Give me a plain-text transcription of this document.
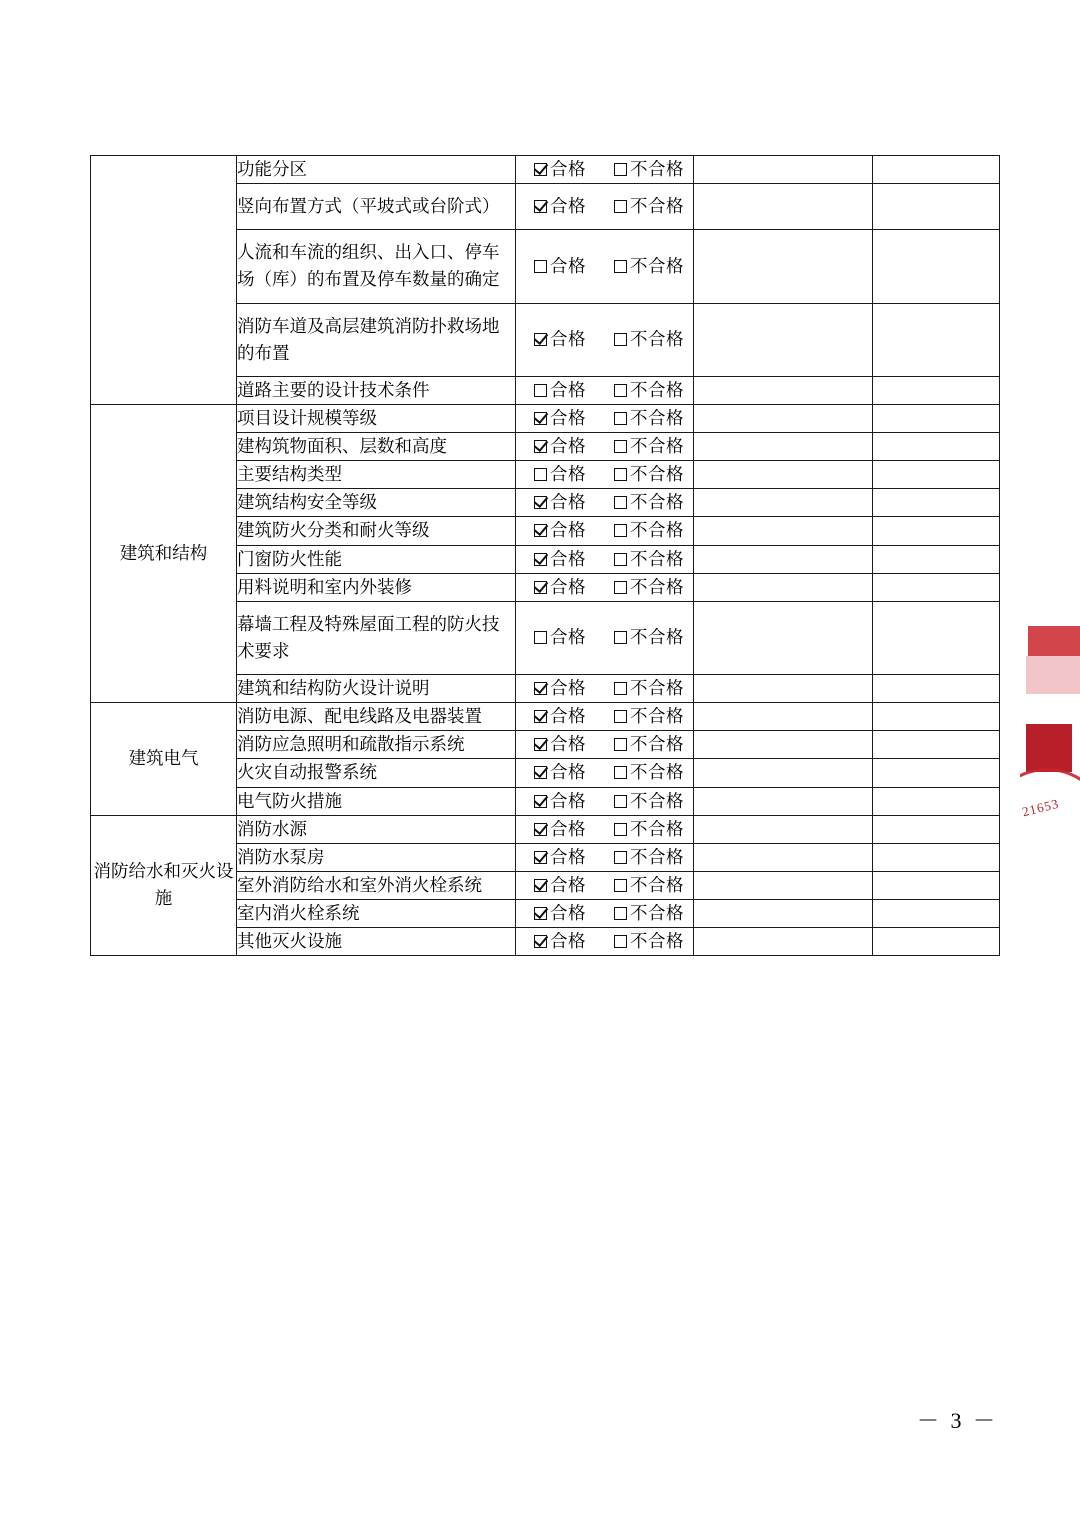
	功能分区	合格 不合格		
	竖向布置方式（平坡式或台阶式）	合格 不合格		
	人流和车流的组织、出入口、停车场（库）的布置及停车数量的确定	合格 不合格		
	消防车道及高层建筑消防扑救场地的布置	合格 不合格		
	道路主要的设计技术条件	合格 不合格		
建筑和结构	项目设计规模等级	合格 不合格		
	建构筑物面积、层数和高度	合格 不合格		
	主要结构类型	合格 不合格		
	建筑结构安全等级	合格 不合格		
	建筑防火分类和耐火等级	合格 不合格		
	门窗防火性能	合格 不合格		
	用料说明和室内外装修	合格 不合格		
	幕墙工程及特殊屋面工程的防火技术要求	合格 不合格		
	建筑和结构防火设计说明	合格 不合格		
建筑电气	消防电源、配电线路及电器装置	合格 不合格		
	消防应急照明和疏散指示系统	合格 不合格		
	火灾自动报警系统	合格 不合格		
	电气防火措施	合格 不合格		
消防给水和灭火设施	消防水源	合格 不合格		
	消防水泵房	合格 不合格		
	室外消防给水和室外消火栓系统	合格 不合格		
	室内消火栓系统	合格 不合格		
	其他灭火设施	合格 不合格		
21653
－ 3 －
